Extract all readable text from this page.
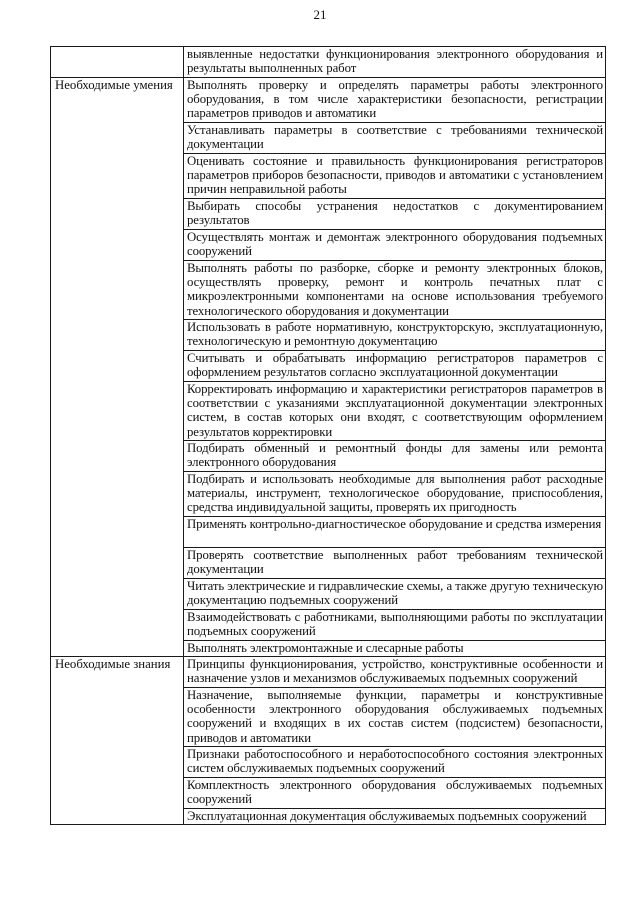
21
	выявленные недостатки функционирования электронного оборудования и результаты выполненных работ

Необходимые умения	Выполнять проверку и определять параметры работы электронного оборудования, в том числе характеристики безопасности, регистрации параметров приводов и автоматики
	Устанавливать параметры в соответствие с требованиями технической документации
	Оценивать состояние и правильность функционирования регистраторов параметров приборов безопасности, приводов и автоматики с установлением причин неправильной работы
	Выбирать способы устранения недостатков с документированием результатов
	Осуществлять монтаж и демонтаж электронного оборудования подъемных сооружений
	Выполнять работы по разборке, сборке и ремонту электронных блоков, осуществлять проверку, ремонт и контроль печатных плат с микроэлектронными компонентами на основе использования требуемого технологического оборудования и документации
	Использовать в работе нормативную, конструкторскую, эксплуатационную, технологическую и ремонтную документацию
	Считывать и обрабатывать информацию регистраторов параметров с оформлением результатов согласно эксплуатационной документации
	Корректировать информацию и характеристики регистраторов параметров в соответствии с указаниями эксплуатационной документации электронных систем, в состав которых они входят, с соответствующим оформлением результатов корректировки
	Подбирать обменный и ремонтный фонды для замены или ремонта электронного оборудования
	Подбирать и использовать необходимые для выполнения работ расходные материалы, инструмент, технологическое оборудование, приспособления, средства индивидуальной защиты, проверять их пригодность
	Применять контрольно-диагностическое оборудование и средства измерения
	Проверять соответствие выполненных работ требованиям технической документации
	Читать электрические и гидравлические схемы, а также другую техническую документацию подъемных сооружений
	Взаимодействовать с работниками, выполняющими работы по эксплуатации подъемных сооружений
	Выполнять электромонтажные и слесарные работы

Необходимые знания	Принципы функционирования, устройство, конструктивные особенности и назначение узлов и механизмов обслуживаемых подъемных сооружений
	Назначение, выполняемые функции, параметры и конструктивные особенности электронного оборудования обслуживаемых подъемных сооружений и входящих в их состав систем (подсистем) безопасности, приводов и автоматики
	Признаки работоспособного и неработоспособного состояния электронных систем обслуживаемых подъемных сооружений
	Комплектность электронного оборудования обслуживаемых подъемных сооружений
	Эксплуатационная документация обслуживаемых подъемных сооружений
